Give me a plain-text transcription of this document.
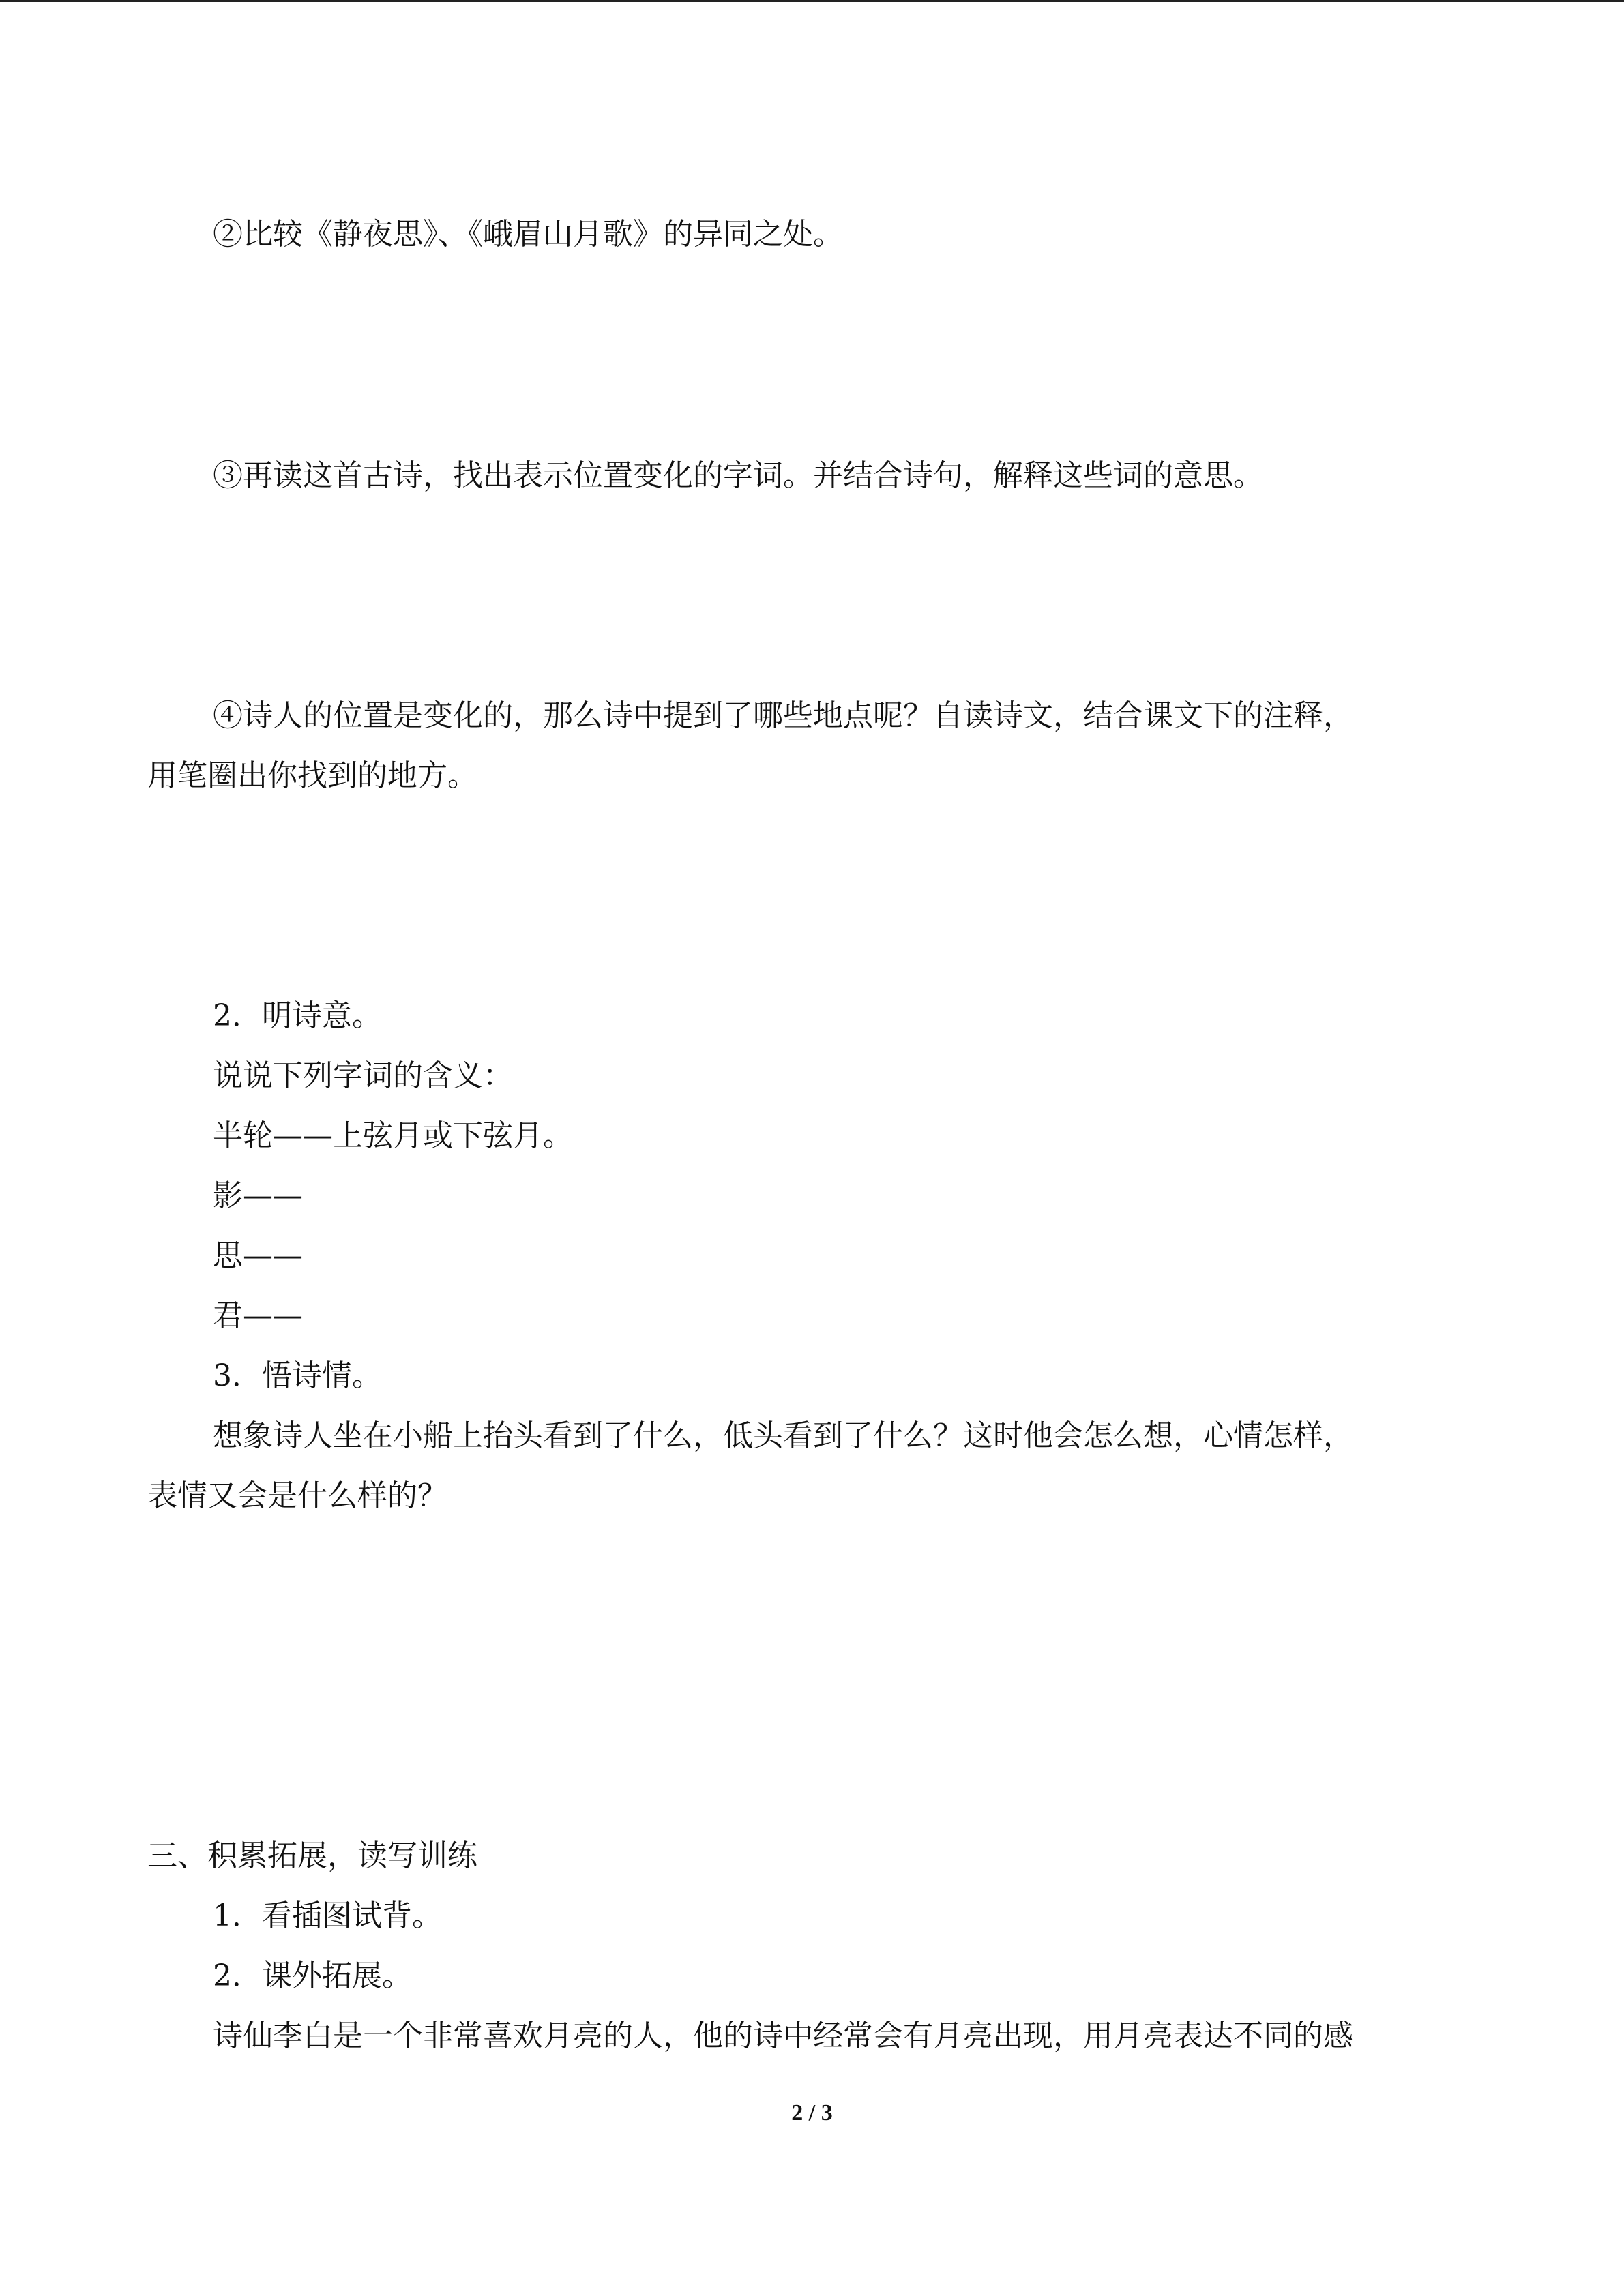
②比较《静夜思》、《峨眉山月歌》的异同之处。
③再读这首古诗，找出表示位置变化的字词。并结合诗句，解释这些词的意思。
④诗人的位置是变化的，那么诗中提到了哪些地点呢？自读诗文，结合课文下的注释，
用笔圈出你找到的地方。
2．明诗意。
说说下列字词的含义：
半轮——上弦月或下弦月。
影——
思——
君——
3．悟诗情。
想象诗人坐在小船上抬头看到了什么，低头看到了什么？这时他会怎么想，心情怎样，
表情又会是什么样的？
三、积累拓展，读写训练
1．看插图试背。
2．课外拓展。
诗仙李白是一个非常喜欢月亮的人，他的诗中经常会有月亮出现，用月亮表达不同的感
2 / 3
